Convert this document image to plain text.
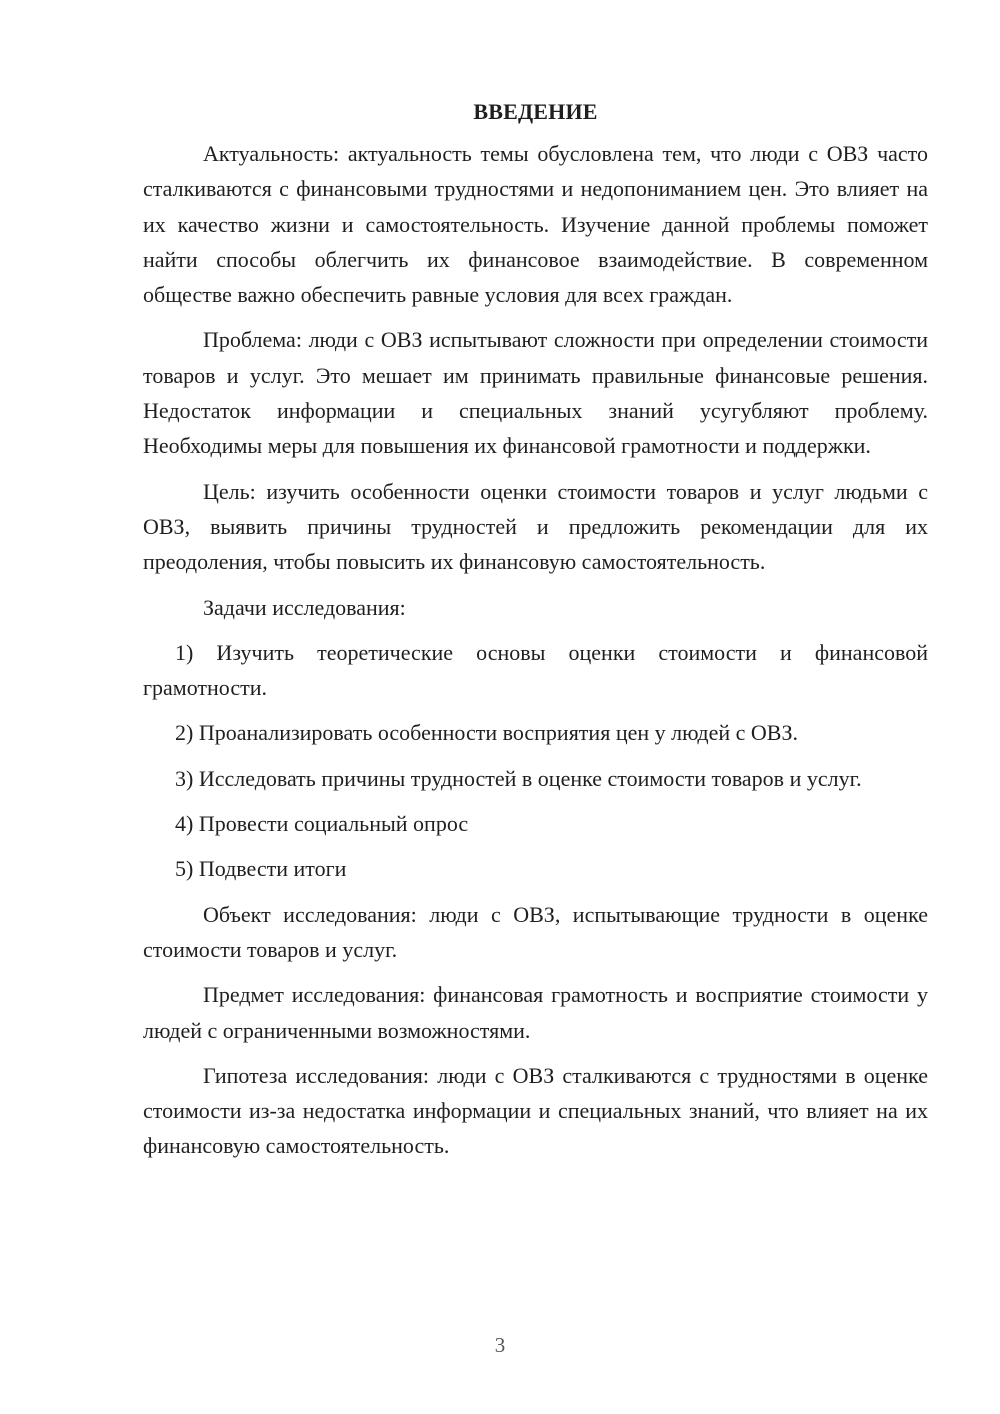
ВВЕДЕНИЕ

Актуальность: актуальность темы обусловлена тем, что люди с ОВЗ часто сталкиваются с финансовыми трудностями и недопониманием цен. Это влияет на их качество жизни и самостоятельность. Изучение данной проблемы поможет найти способы облегчить их финансовое взаимодействие. В современном обществе важно обеспечить равные условия для всех граждан.

Проблема: люди с ОВЗ испытывают сложности при определении стоимости товаров и услуг. Это мешает им принимать правильные финансовые решения. Недостаток информации и специальных знаний усугубляют проблему. Необходимы меры для повышения их финансовой грамотности и поддержки.

Цель: изучить особенности оценки стоимости товаров и услуг людьми с ОВЗ, выявить причины трудностей и предложить рекомендации для их преодоления, чтобы повысить их финансовую самостоятельность.

Задачи исследования:

1) Изучить теоретические основы оценки стоимости и финансовой грамотности.

2) Проанализировать особенности восприятия цен у людей с ОВЗ.

3) Исследовать причины трудностей в оценке стоимости товаров и услуг.

4) Провести социальный опрос

5) Подвести итоги

Объект исследования: люди с ОВЗ, испытывающие трудности в оценке стоимости товаров и услуг.

Предмет исследования: финансовая грамотность и восприятие стоимости у людей с ограниченными возможностями.

Гипотеза исследования: люди с ОВЗ сталкиваются с трудностями в оценке стоимости из-за недостатка информации и специальных знаний, что влияет на их финансовую самостоятельность.

3
